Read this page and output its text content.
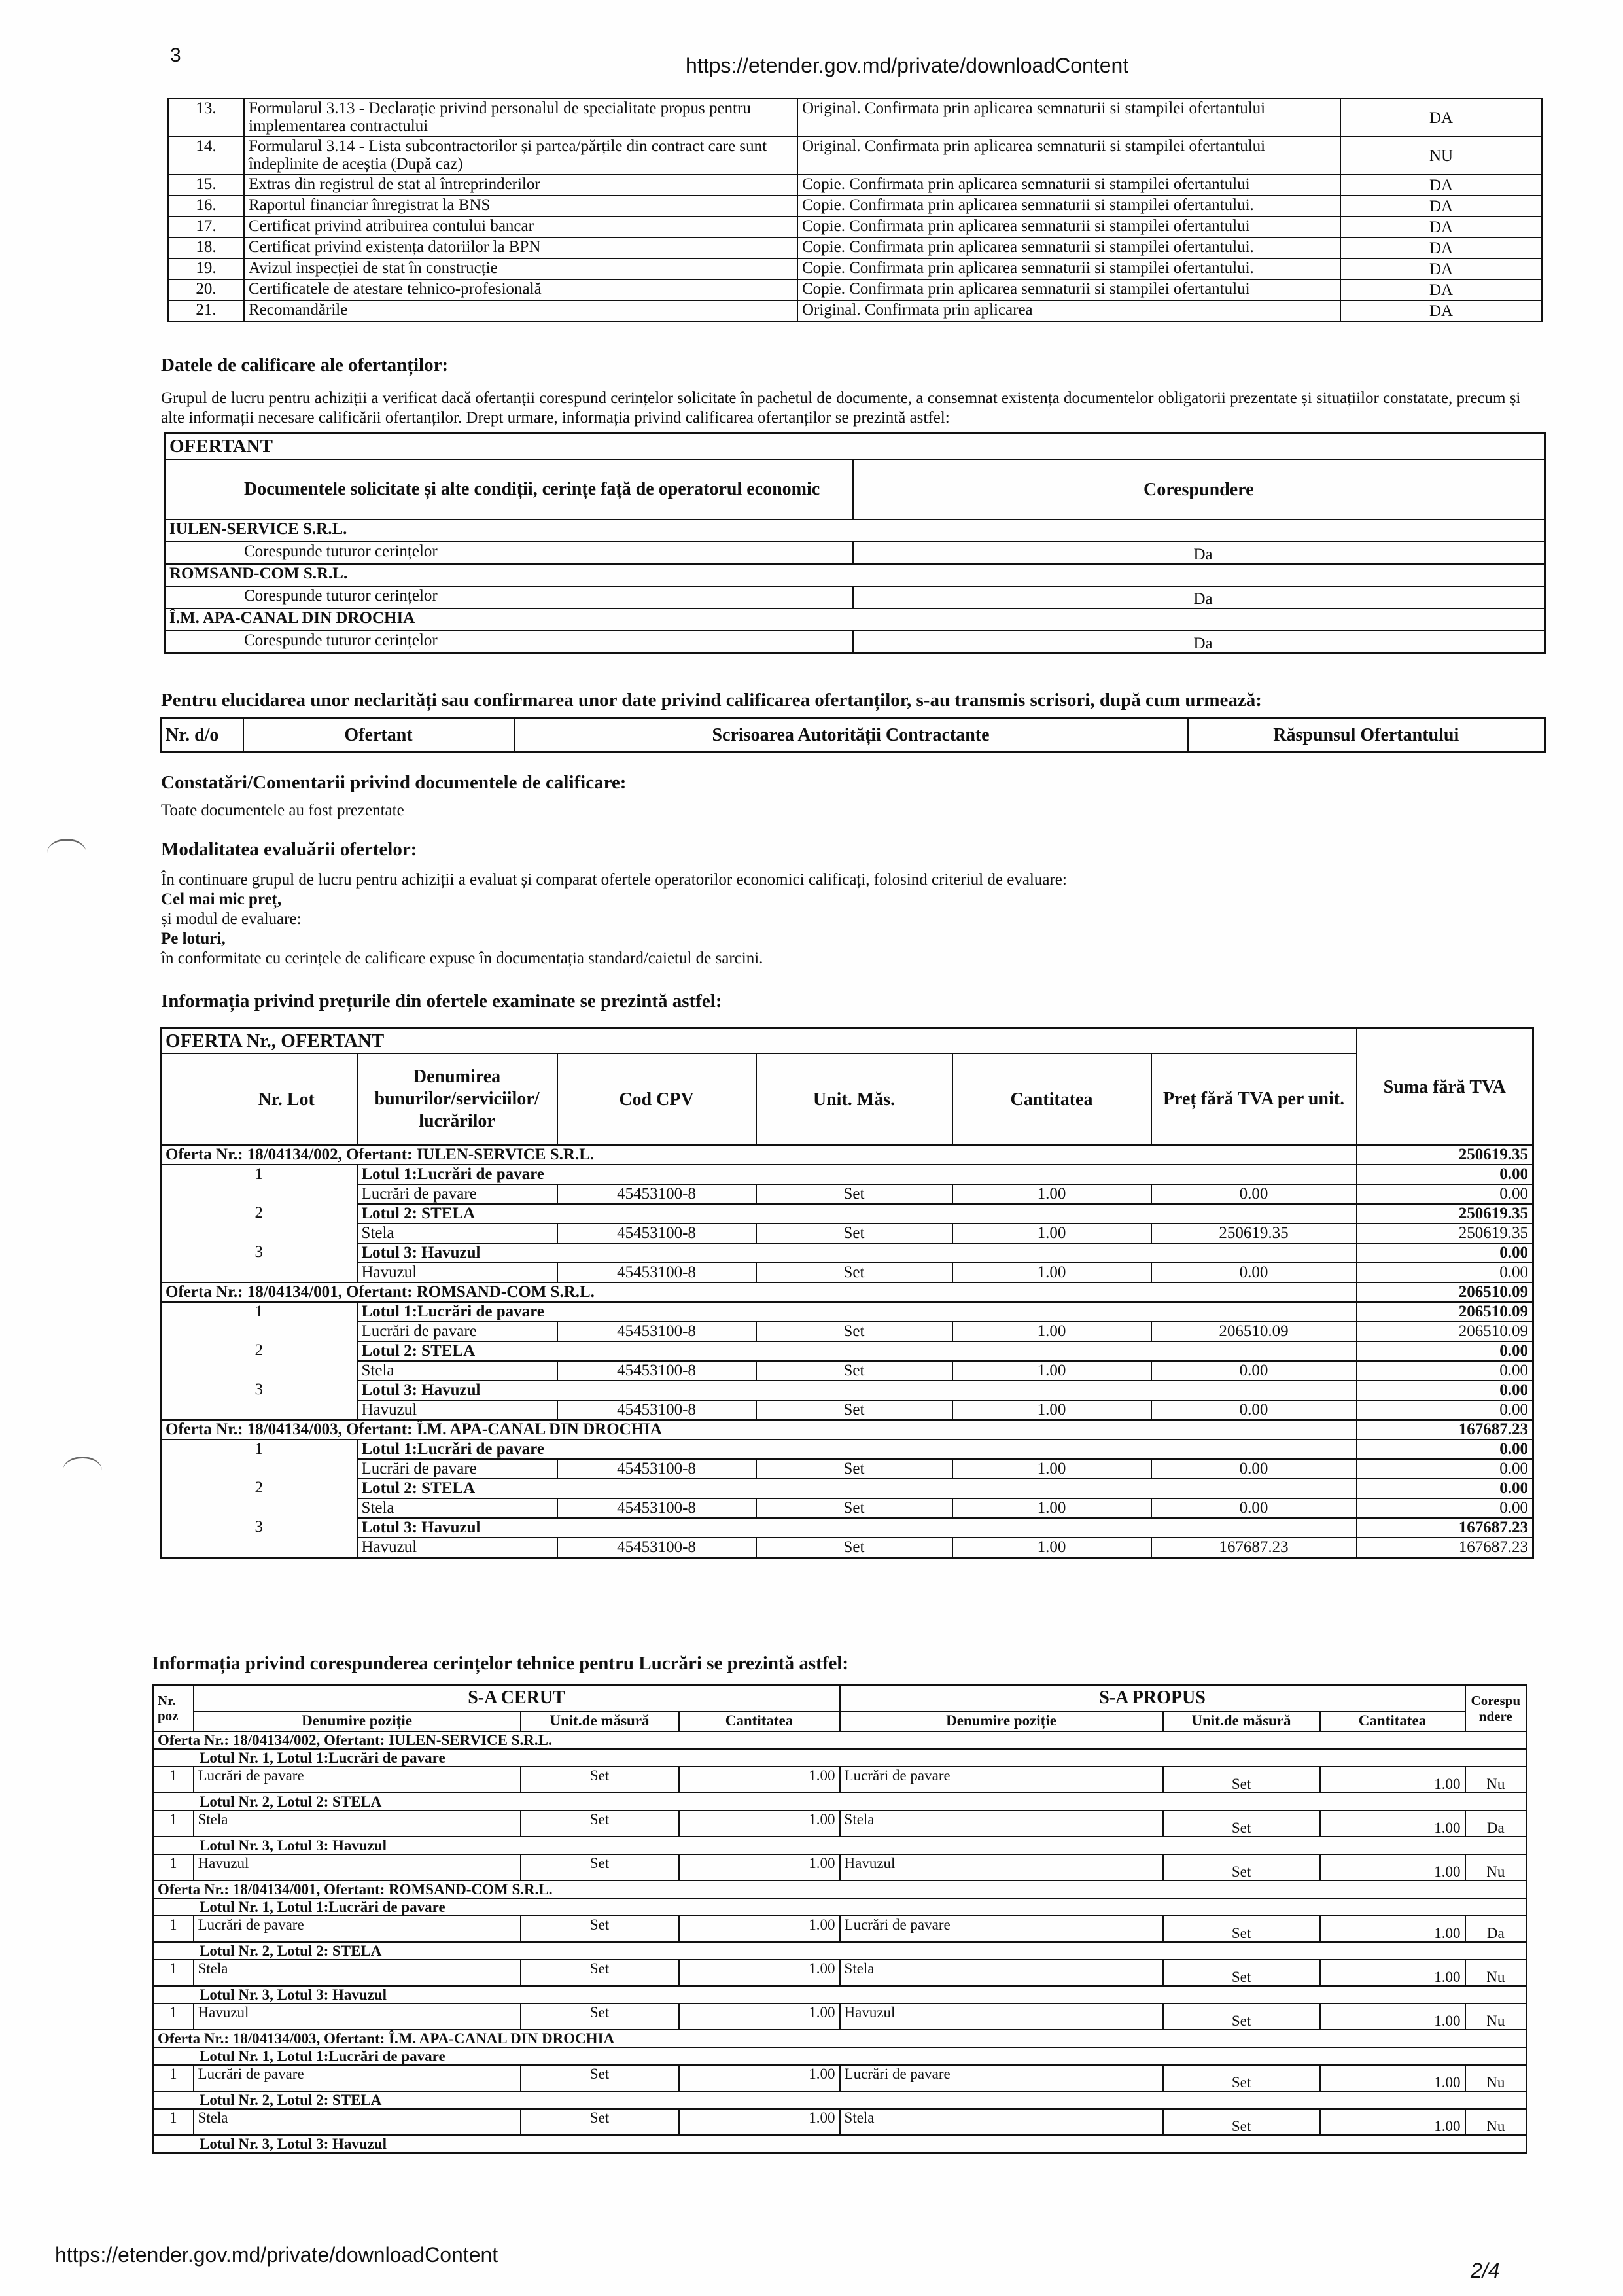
3	https://etender.gov.md/private/downloadContent
https://etender.gov.md/private/downloadContent
2/4
13.	Formularul 3.13 - Declarație privind personalul de specialitate propus pentru implementarea contractului	Original. Confirmata prin aplicarea semnaturii si stampilei ofertantului	DA
14.	Formularul 3.14 - Lista subcontractorilor și partea/părțile din contract care sunt îndeplinite de aceștia (După caz)	Original. Confirmata prin aplicarea semnaturii si stampilei ofertantului	NU
15.	Extras din registrul de stat al întreprinderilor	Copie. Confirmata prin aplicarea semnaturii si stampilei ofertantului	DA
16.	Raportul financiar înregistrat la BNS	Copie. Confirmata prin aplicarea semnaturii si stampilei ofertantului.	DA
17.	Certificat privind atribuirea contului bancar	Copie. Confirmata prin aplicarea semnaturii si stampilei ofertantului	DA
18.	Certificat privind existența datoriilor la BPN	Copie. Confirmata prin aplicarea semnaturii si stampilei ofertantului.	DA
19.	Avizul inspecției de stat în construcție	Copie. Confirmata prin aplicarea semnaturii si stampilei ofertantului.	DA
20.	Certificatele de atestare tehnico-profesională	Copie. Confirmata prin aplicarea semnaturii si stampilei ofertantului	DA
21.	Recomandările	Original. Confirmata prin aplicarea	DA
Datele de calificare ale ofertanților:
Grupul de lucru pentru achiziții a verificat dacă ofertanții corespund cerințelor solicitate în pachetul de documente, a consemnat existența documentelor obligatorii prezentate și situațiilor constatate, precum și alte informații necesare calificării ofertanților. Drept urmare, informația privind calificarea ofertanților se prezintă astfel:
OFERTANT	
Documentele solicitate și alte condiții, cerințe față de operatorul economic	Corespundere
IULEN-SERVICE S.R.L.	
Corespunde tuturor cerințelor	Da
ROMSAND-COM S.R.L.	
Corespunde tuturor cerințelor	Da
Î.M. APA-CANAL DIN DROCHIA	
Corespunde tuturor cerințelor	Da
Pentru elucidarea unor neclarități sau confirmarea unor date privind calificarea ofertanților, s-au transmis scrisori, după cum urmează:
Nr. d/o	Ofertant	Scrisoarea Autorității Contractante	Răspunsul Ofertantului
Constatări/Comentarii privind documentele de calificare:
Toate documentele au fost prezentate
Modalitatea evaluării ofertelor:
În continuare grupul de lucru pentru achiziții a evaluat și comparat ofertele operatorilor economici calificați, folosind criteriul de evaluare:
Cel mai mic preț,
și modul de evaluare:
Pe loturi,
în conformitate cu cerințele de calificare expuse în documentația standard/caietul de sarcini.
Informația privind prețurile din ofertele examinate se prezintă astfel:
OFERTA Nr., OFERTANT						Suma fără TVA
Nr. Lot	Denumirea bunurilor/serviciilor/ lucrărilor	Cod CPV	Unit. Măs.	Cantitatea	Preț fără TVA per unit.	
Oferta Nr.: 18/04134/002, Ofertant: IULEN-SERVICE S.R.L.						250619.35
1	Lotul 1:Lucrări de pavare					0.00
	Lucrări de pavare	45453100-8	Set	1.00	0.00	0.00
2	Lotul 2: STELA					250619.35
	Stela	45453100-8	Set	1.00	250619.35	250619.35
3	Lotul 3: Havuzul					0.00
	Havuzul	45453100-8	Set	1.00	0.00	0.00
Oferta Nr.: 18/04134/001, Ofertant: ROMSAND-COM S.R.L.						206510.09
1	Lotul 1:Lucrări de pavare					206510.09
	Lucrări de pavare	45453100-8	Set	1.00	206510.09	206510.09
2	Lotul 2: STELA					0.00
	Stela	45453100-8	Set	1.00	0.00	0.00
3	Lotul 3: Havuzul					0.00
	Havuzul	45453100-8	Set	1.00	0.00	0.00
Oferta Nr.: 18/04134/003, Ofertant: Î.M. APA-CANAL DIN DROCHIA						167687.23
1	Lotul 1:Lucrări de pavare					0.00
	Lucrări de pavare	45453100-8	Set	1.00	0.00	0.00
2	Lotul 2: STELA					0.00
	Stela	45453100-8	Set	1.00	0.00	0.00
3	Lotul 3: Havuzul					167687.23
	Havuzul	45453100-8	Set	1.00	167687.23	167687.23
Informația privind corespunderea cerințelor tehnice pentru Lucrări se prezintă astfel:
Nr. poz	S-A CERUT			S-A PROPUS			Corespundere
	Denumire poziție	Unit.de măsură	Cantitatea	Denumire poziție	Unit.de măsură	Cantitatea	
Oferta Nr.: 18/04134/002, Ofertant: IULEN-SERVICE S.R.L.							
Lotul Nr. 1, Lotul 1:Lucrări de pavare							
1	Lucrări de pavare	Set	1.00	Lucrări de pavare	Set	1.00	Nu
Lotul Nr. 2, Lotul 2: STELA							
1	Stela	Set	1.00	Stela	Set	1.00	Da
Lotul Nr. 3, Lotul 3: Havuzul							
1	Havuzul	Set	1.00	Havuzul	Set	1.00	Nu
Oferta Nr.: 18/04134/001, Ofertant: ROMSAND-COM S.R.L.							
Lotul Nr. 1, Lotul 1:Lucrări de pavare							
1	Lucrări de pavare	Set	1.00	Lucrări de pavare	Set	1.00	Da
Lotul Nr. 2, Lotul 2: STELA							
1	Stela	Set	1.00	Stela	Set	1.00	Nu
Lotul Nr. 3, Lotul 3: Havuzul							
1	Havuzul	Set	1.00	Havuzul	Set	1.00	Nu
Oferta Nr.: 18/04134/003, Ofertant: Î.M. APA-CANAL DIN DROCHIA							
Lotul Nr. 1, Lotul 1:Lucrări de pavare							
1	Lucrări de pavare	Set	1.00	Lucrări de pavare	Set	1.00	Nu
Lotul Nr. 2, Lotul 2: STELA							
1	Stela	Set	1.00	Stela	Set	1.00	Nu
Lotul Nr. 3, Lotul 3: Havuzul							
